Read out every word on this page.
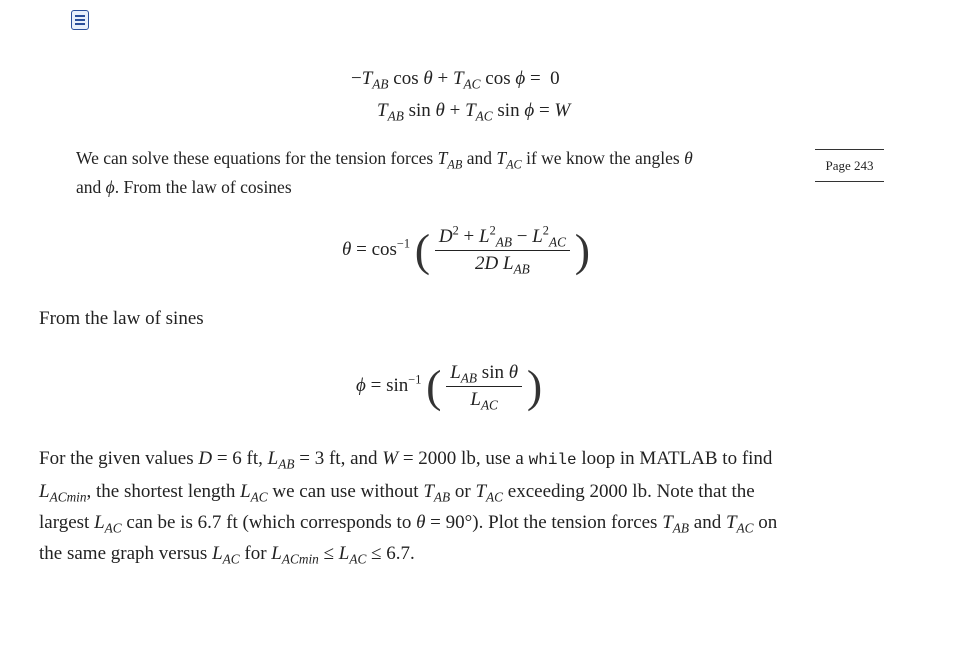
$-T_{AB}$ $\cos \theta + T_{AC}$ cos ϕ = 0
$T_{AB}$ $\sin \theta + T_{AC}$ sin ϕ = W
We can solve these equations for the tension forces $T_{AB}$ and $T_{AC}$ if we know the angles θ
and ϕ. From the law of cosines
Page 243
$\theta = \cos^{-1}$ ( $\frac{D^2 + L^2_{AB} - L^2_{AC}}{2D L_{AB}}$ )
From the law of sines
$\phi = \sin^{-1}$ ( $\frac{L_{AB} \sin \theta}{L_{AC}}$ )
For the given values D = 6 ft, $L_{AB} = 3$ ft, and W = 2000 lb, use a while loop in MATLAB to find
$L_{ACmin}$, the shortest length $L_{AC}$ we can use without $T_{AB}$ or $T_{AC}$ exceeding 2000 lb. Note that the
largest $L_{AC}$ can be is 6.7 ft (which corresponds to θ = 90°). Plot the tension forces $T_{AB}$ and $T_{AC}$ on
the same graph versus $L_{AC}$ for $L_{ACmin} \le L_{AC} \le 6.7$.
